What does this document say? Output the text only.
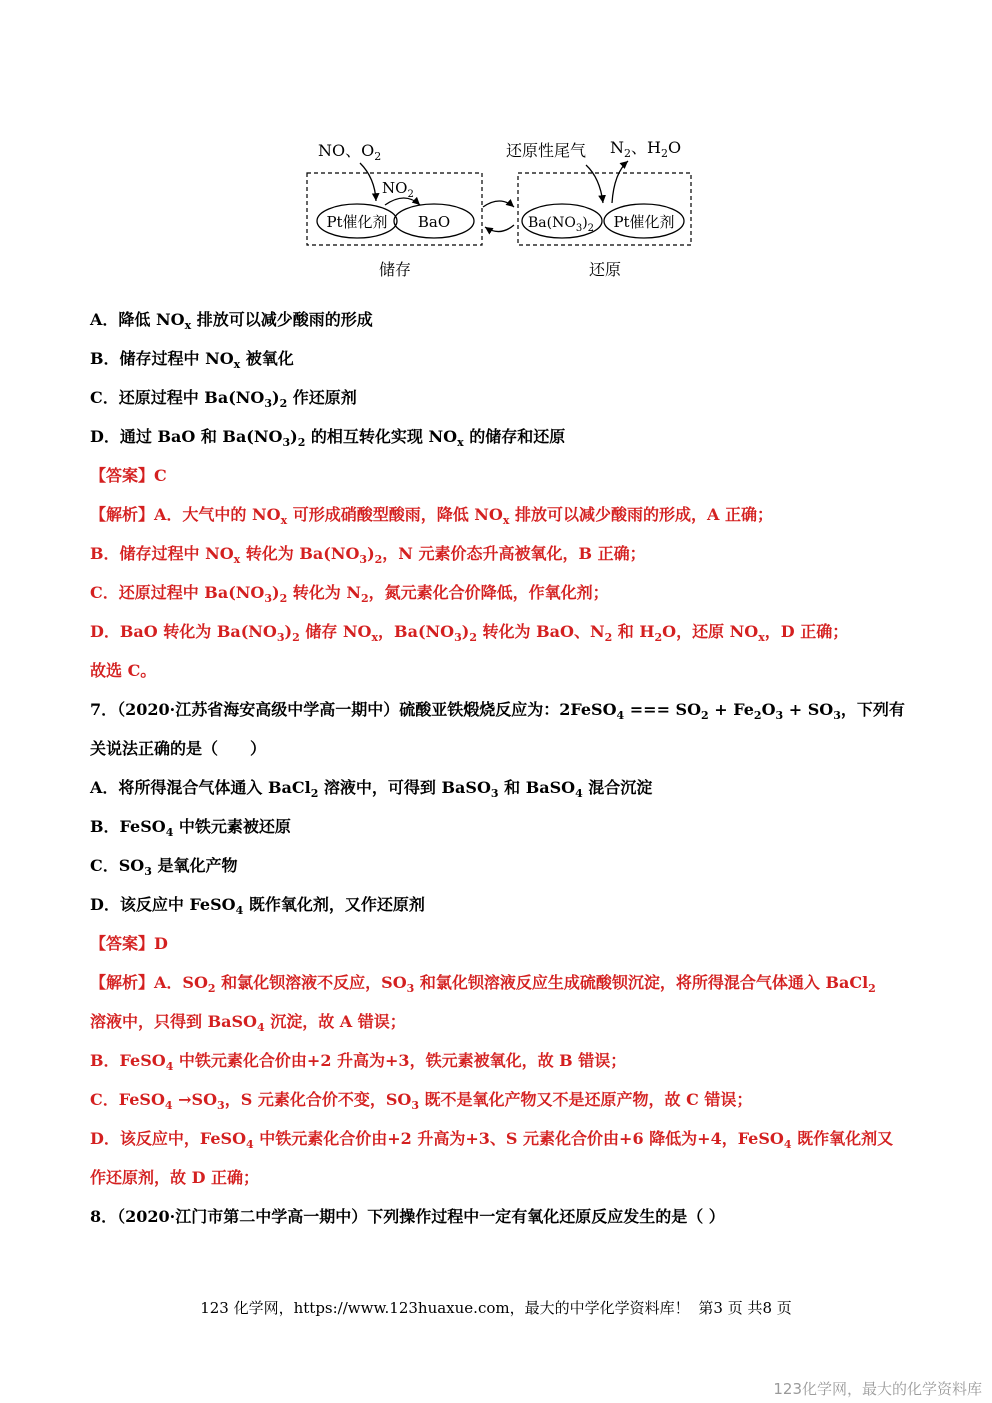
Pt催化剂 BaO	$Ba(NO_3)_2$ Pt催化剂
NO、$O_2$
$NO_2$
还原性尾气 $N_2$、$H_2O$
储存	还原
A．降低 $NO_x$ 排放可以减少酸雨的形成
B．储存过程中 $NO_x$ 被氧化
C．还原过程中 $Ba(NO_3)_2$ 作还原剂
D．通过 BaO 和 $Ba(NO_3)_2$ 的相互转化实现 $NO_x$ 的储存和还原
【答案】C
【解析】A．大气中的 $NO_x$ 可形成硝酸型酸雨，降低 $NO_x$ 排放可以减少酸雨的形成，A 正确；
B．储存过程中 $NO_x$ 转化为 $Ba(NO_3)_2$，N 元素价态升高被氧化，B 正确；
C．还原过程中 $Ba(NO_3)_2$ 转化为 $N_2$，氮元素化合价降低，作氧化剂；
D．BaO 转化为 $Ba(NO_3)_2$ 储存 $NO_x$，$Ba(NO_3)_2$ 转化为 BaO、$N_2$ 和 $H_2O$，还原 $NO_x$，D 正确；
故选 C。
7．（2020·江苏省海安高级中学高一期中）硫酸亚铁煅烧反应为：2FeSO$_4$ === $SO_2 + Fe_2O_3 + SO_3$，下列有
关说法正确的是（　　）
A．将所得混合气体通入 BaCl$_2$ 溶液中，可得到 BaSO$_3$ 和 BaSO$_4$ 混合沉淀
B．FeSO$_4$ 中铁元素被还原
C．$SO_3$ 是氧化产物
D．该反应中 FeSO$_4$ 既作氧化剂，又作还原剂
【答案】D
【解析】A．$SO_2$ 和氯化钡溶液不反应，$SO_3$ 和氯化钡溶液反应生成硫酸钡沉淀，将所得混合气体通入 BaCl$_2$
溶液中，只得到 BaSO$_4$ 沉淀，故 A 错误；
B．FeSO$_4$ 中铁元素化合价由+2 升高为+3，铁元素被氧化，故 B 错误；
C．FeSO$_4$ $\to SO_3$，S 元素化合价不变，$SO_3$ 既不是氧化产物又不是还原产物，故 C 错误；
D．该反应中，FeSO$_4$ 中铁元素化合价由+2 升高为+3、S 元素化合价由+6 降低为+4，FeSO$_4$ 既作氧化剂又
作还原剂，故 D 正确；
8．（2020·江门市第二中学高一期中）下列操作过程中一定有氧化还原反应发生的是（ ）
123 化学网，https://www.123huaxue.com，最大的中学化学资料库！ 第3 页 共8 页
123化学网，最大的化学资料库
